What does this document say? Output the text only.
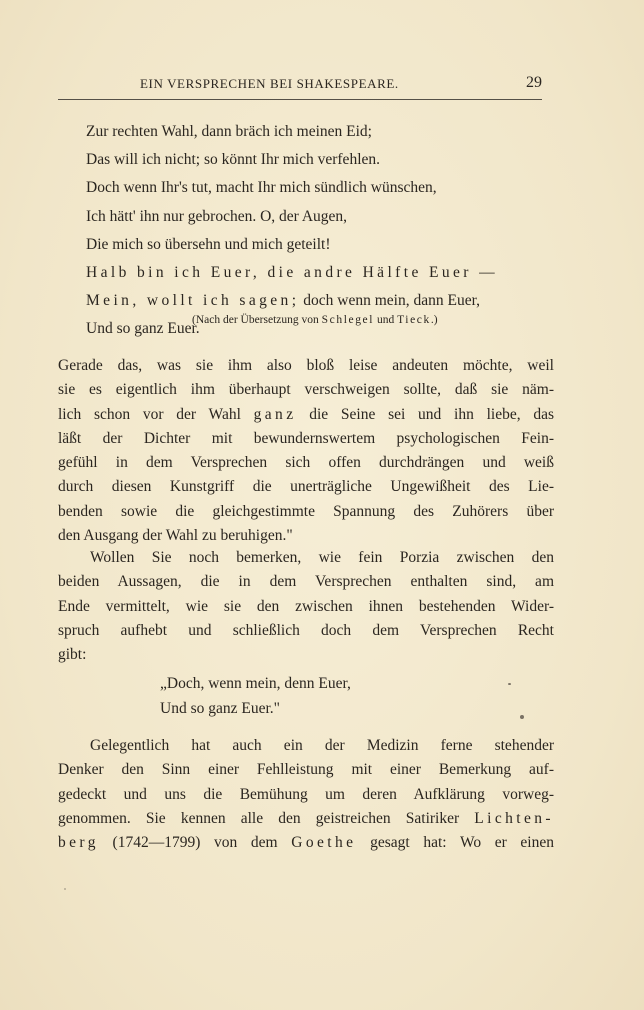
EIN VERSPRECHEN BEI SHAKESPEARE.	29
Zur rechten Wahl, dann bräch ich meinen Eid;
Das will ich nicht; so könnt Ihr mich verfehlen.
Doch wenn Ihr's tut, macht Ihr mich sündlich wünschen,
Ich hätt' ihn nur gebrochen. O, der Augen,
Die mich so übersehn und mich geteilt!
Halb bin ich Euer, die andre Hälfte Euer —
Mein, wollt ich sagen; doch wenn mein, dann Euer,
Und so ganz Euer.
(Nach der Übersetzung von Schlegel und Tieck.)
Gerade das, was sie ihm also bloß leise andeuten möchte, weil
sie es eigentlich ihm überhaupt verschweigen sollte, daß sie näm-
lich schon vor der Wahl ganz die Seine sei und ihn liebe, das
läßt der Dichter mit bewundernswertem psychologischen Fein-
gefühl in dem Versprechen sich offen durchdrängen und weiß
durch diesen Kunstgriff die unerträgliche Ungewißheit des Lie-
benden sowie die gleichgestimmte Spannung des Zuhörers über
den Ausgang der Wahl zu beruhigen."
Wollen Sie noch bemerken, wie fein Porzia zwischen den
beiden Aussagen, die in dem Versprechen enthalten sind, am
Ende vermittelt, wie sie den zwischen ihnen bestehenden Wider-
spruch aufhebt und schließlich doch dem Versprechen Recht
gibt:
„Doch, wenn mein, denn Euer,
Und so ganz Euer."
Gelegentlich hat auch ein der Medizin ferne stehender
Denker den Sinn einer Fehlleistung mit einer Bemerkung auf-
gedeckt und uns die Bemühung um deren Aufklärung vorweg-
genommen. Sie kennen alle den geistreichen Satiriker Lichten-
berg (1742—1799) von dem Goethe gesagt hat: Wo er einen
